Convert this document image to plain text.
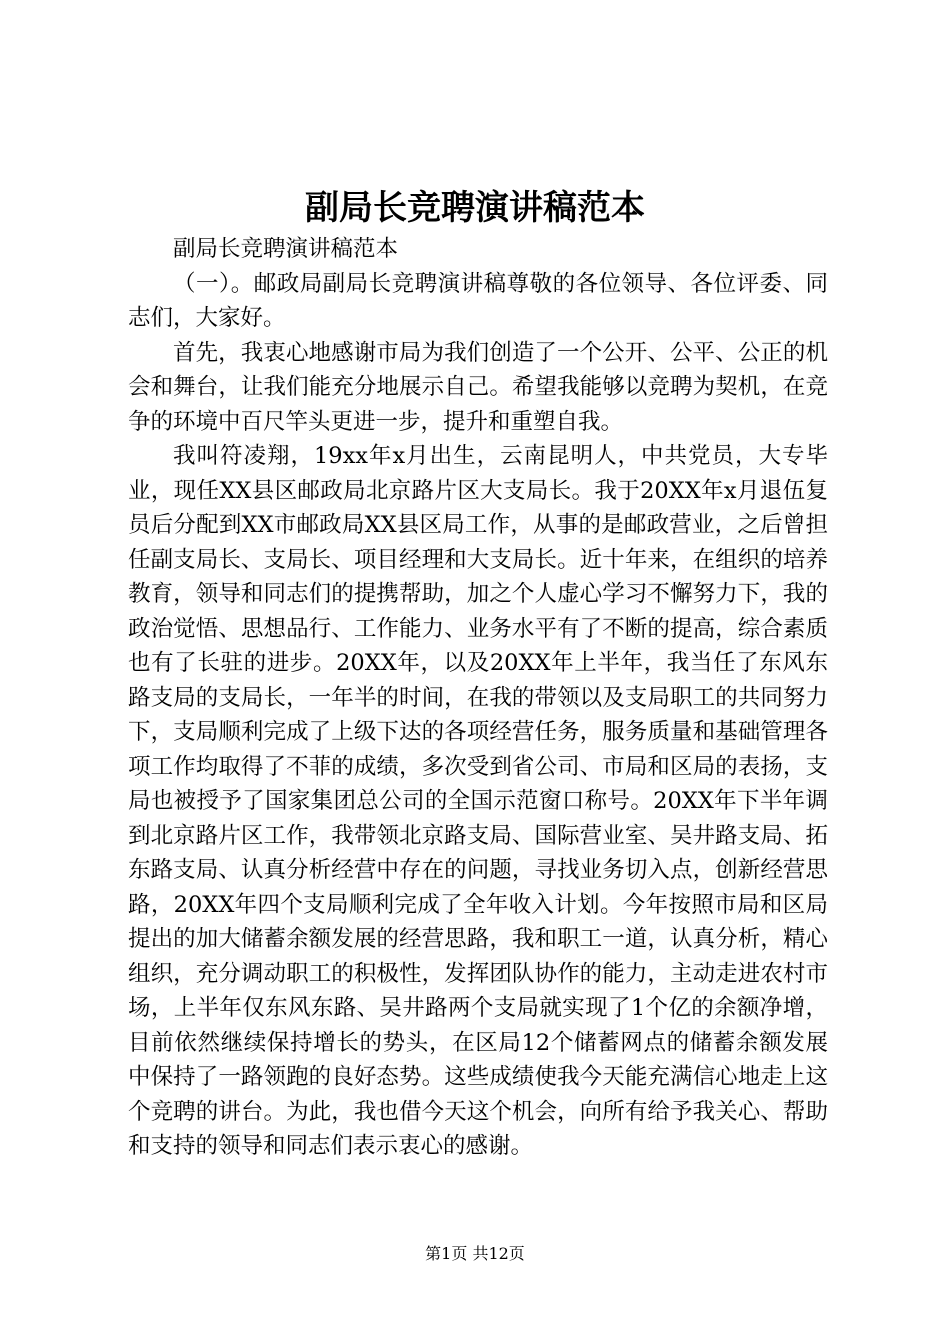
副局长竞聘演讲稿范本

副局长竞聘演讲稿范本

（一）。邮政局副局长竞聘演讲稿尊敬的各位领导、各位评委、同志们，大家好。

首先，我衷心地感谢市局为我们创造了一个公开、公平、公正的机会和舞台，让我们能充分地展示自己。希望我能够以竞聘为契机，在竞争的环境中百尺竿头更进一步，提升和重塑自我。

我叫符凌翔，19xx年x月出生，云南昆明人，中共党员，大专毕业，现任XX县区邮政局北京路片区大支局长。我于20XX年x月退伍复员后分配到XX市邮政局XX县区局工作，从事的是邮政营业，之后曾担任副支局长、支局长、项目经理和大支局长。近十年来，在组织的培养教育，领导和同志们的提携帮助，加之个人虚心学习不懈努力下，我的政治觉悟、思想品行、工作能力、业务水平有了不断的提高，综合素质也有了长驻的进步。20XX年，以及20XX年上半年，我当任了东风东路支局的支局长，一年半的时间，在我的带领以及支局职工的共同努力下，支局顺利完成了上级下达的各项经营任务，服务质量和基础管理各项工作均取得了不菲的成绩，多次受到省公司、市局和区局的表扬，支局也被授予了国家集团总公司的全国示范窗口称号。20XX年下半年调到北京路片区工作，我带领北京路支局、国际营业室、吴井路支局、拓东路支局、认真分析经营中存在的问题，寻找业务切入点，创新经营思路，20XX年四个支局顺利完成了全年收入计划。今年按照市局和区局提出的加大储蓄余额发展的经营思路，我和职工一道，认真分析，精心组织，充分调动职工的积极性，发挥团队协作的能力，主动走进农村市场，上半年仅东风东路、吴井路两个支局就实现了1个亿的余额净增，目前依然继续保持增长的势头，在区局12个储蓄网点的储蓄余额发展中保持了一路领跑的良好态势。这些成绩使我今天能充满信心地走上这个竞聘的讲台。为此，我也借今天这个机会，向所有给予我关心、帮助和支持的领导和同志们表示衷心的感谢。

第1页 共12页
